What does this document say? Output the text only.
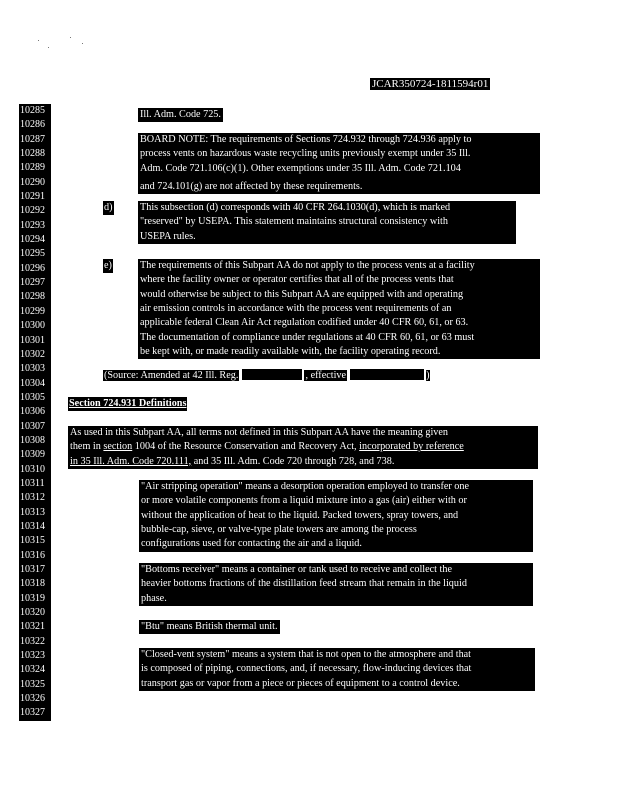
JCAR350724-1811594r01
10285
10286
10287
10288
10289
10290
10291
10292
10293
10294
10295
10296
10297
10298
10299
10300
10301
10302
10303
10304
10305
10306
10307
10308
10309
10310
10311
10312
10313
10314
10315
10316
10317
10318
10319
10320
10321
10322
10323
10324
10325
10326
10327
Ill. Adm. Code 725.
BOARD NOTE: The requirements of Sections 724.932 through 724.936 apply to
process vents on hazardous waste recycling units previously exempt under 35 Ill.
Adm. Code 721.106(c)(1). Other exemptions under 35 Ill. Adm. Code 721.104
and 724.101(g) are not affected by these requirements.
d)	This subsection (d) corresponds with 40 CFR 264.1030(d), which is marked
"reserved" by USEPA. This statement maintains structural consistency with
USEPA rules.
e)	The requirements of this Subpart AA do not apply to the process vents at a facility
where the facility owner or operator certifies that all of the process vents that
would otherwise be subject to this Subpart AA are equipped with and operating
air emission controls in accordance with the process vent requirements of an
applicable federal Clean Air Act regulation codified under 40 CFR 60, 61, or 63.
The documentation of compliance under regulations at 40 CFR 60, 61, or 63 must
be kept with, or made readily available with, the facility operating record.
(Source: Amended at 42 Ill. Reg.	, effective	)
Section 724.931 Definitions
As used in this Subpart AA, all terms not defined in this Subpart AA have the meaning given
them in section 1004 of the Resource Conservation and Recovery Act, incorporated by reference
in 35 Ill. Adm. Code 720.111, and 35 Ill. Adm. Code 720 through 728, and 738.
"Air stripping operation" means a desorption operation employed to transfer one
or more volatile components from a liquid mixture into a gas (air) either with or
without the application of heat to the liquid. Packed towers, spray towers, and
bubble-cap, sieve, or valve-type plate towers are among the process
configurations used for contacting the air and a liquid.
"Bottoms receiver" means a container or tank used to receive and collect the
heavier bottoms fractions of the distillation feed stream that remain in the liquid
phase.
"Btu" means British thermal unit.
"Closed-vent system" means a system that is not open to the atmosphere and that
is composed of piping, connections, and, if necessary, flow-inducing devices that
transport gas or vapor from a piece or pieces of equipment to a control device.
